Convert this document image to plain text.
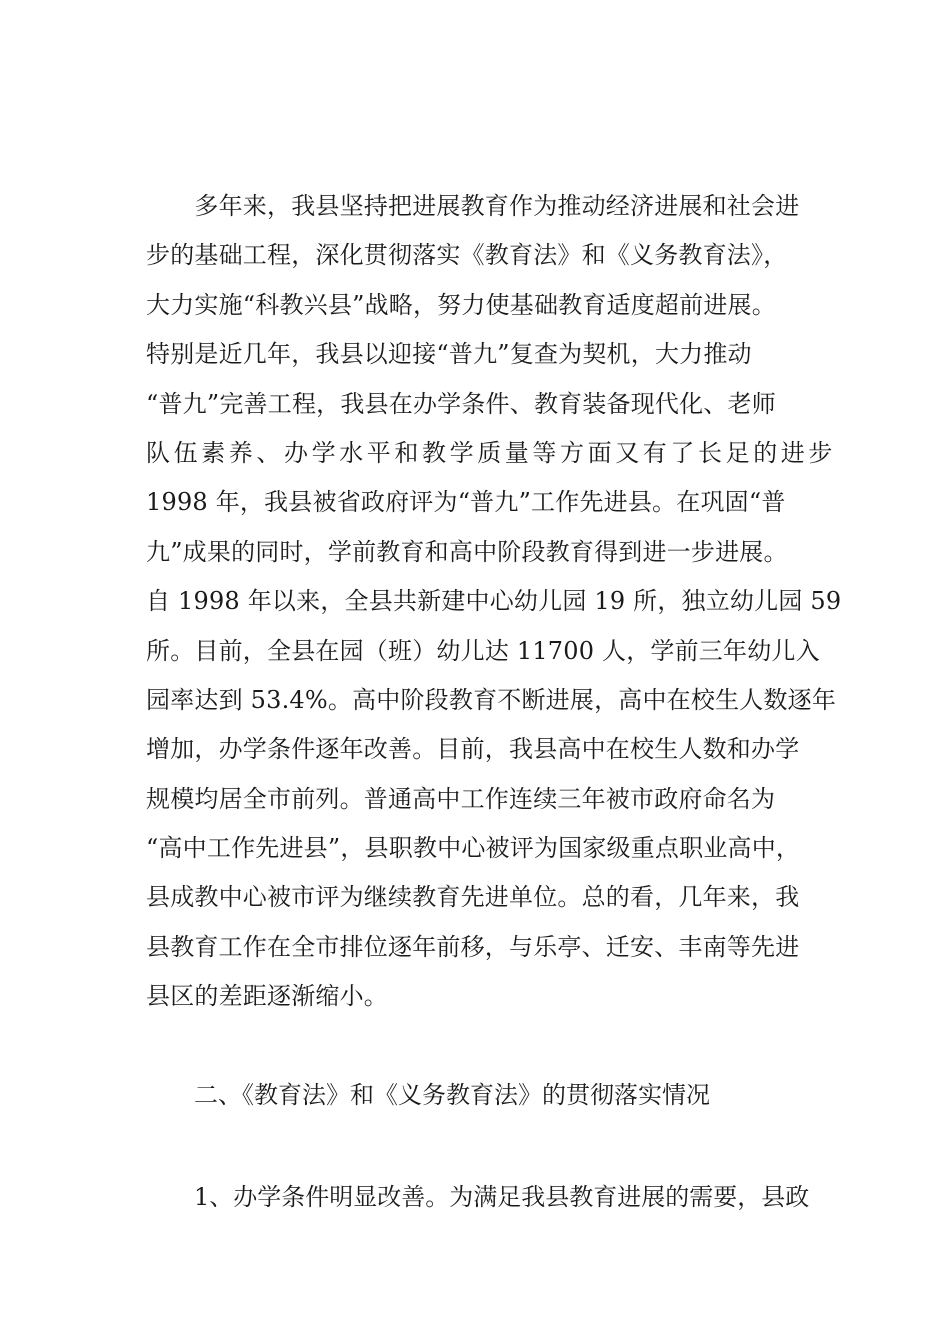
　　多年来，我县坚持把进展教育作为推动经济进展和社会进
步的基础工程，深化贯彻落实《教育法》和《义务教育法》，
大力实施“科教兴县”战略，努力使基础教育适度超前进展。
特别是近几年，我县以迎接“普九”复查为契机，大力推动
“普九”完善工程，我县在办学条件、教育装备现代化、老师
队伍素养、办学水平和教学质量等方面又有了长足的进步
1998 年，我县被省政府评为“普九”工作先进县。在巩固“普
九”成果的同时，学前教育和高中阶段教育得到进一步进展。
自 1998 年以来，全县共新建中心幼儿园 19 所，独立幼儿园 59
所。目前，全县在园（班）幼儿达 11700 人，学前三年幼儿入
园率达到 53.4%。高中阶段教育不断进展，高中在校生人数逐年
增加，办学条件逐年改善。目前，我县高中在校生人数和办学
规模均居全市前列。普通高中工作连续三年被市政府命名为
“高中工作先进县”，县职教中心被评为国家级重点职业高中，
县成教中心被市评为继续教育先进单位。总的看，几年来，我
县教育工作在全市排位逐年前移，与乐亭、迁安、丰南等先进
县区的差距逐渐缩小。
二、《教育法》和《义务教育法》的贯彻落实情况
1、办学条件明显改善。为满足我县教育进展的需要，县政
